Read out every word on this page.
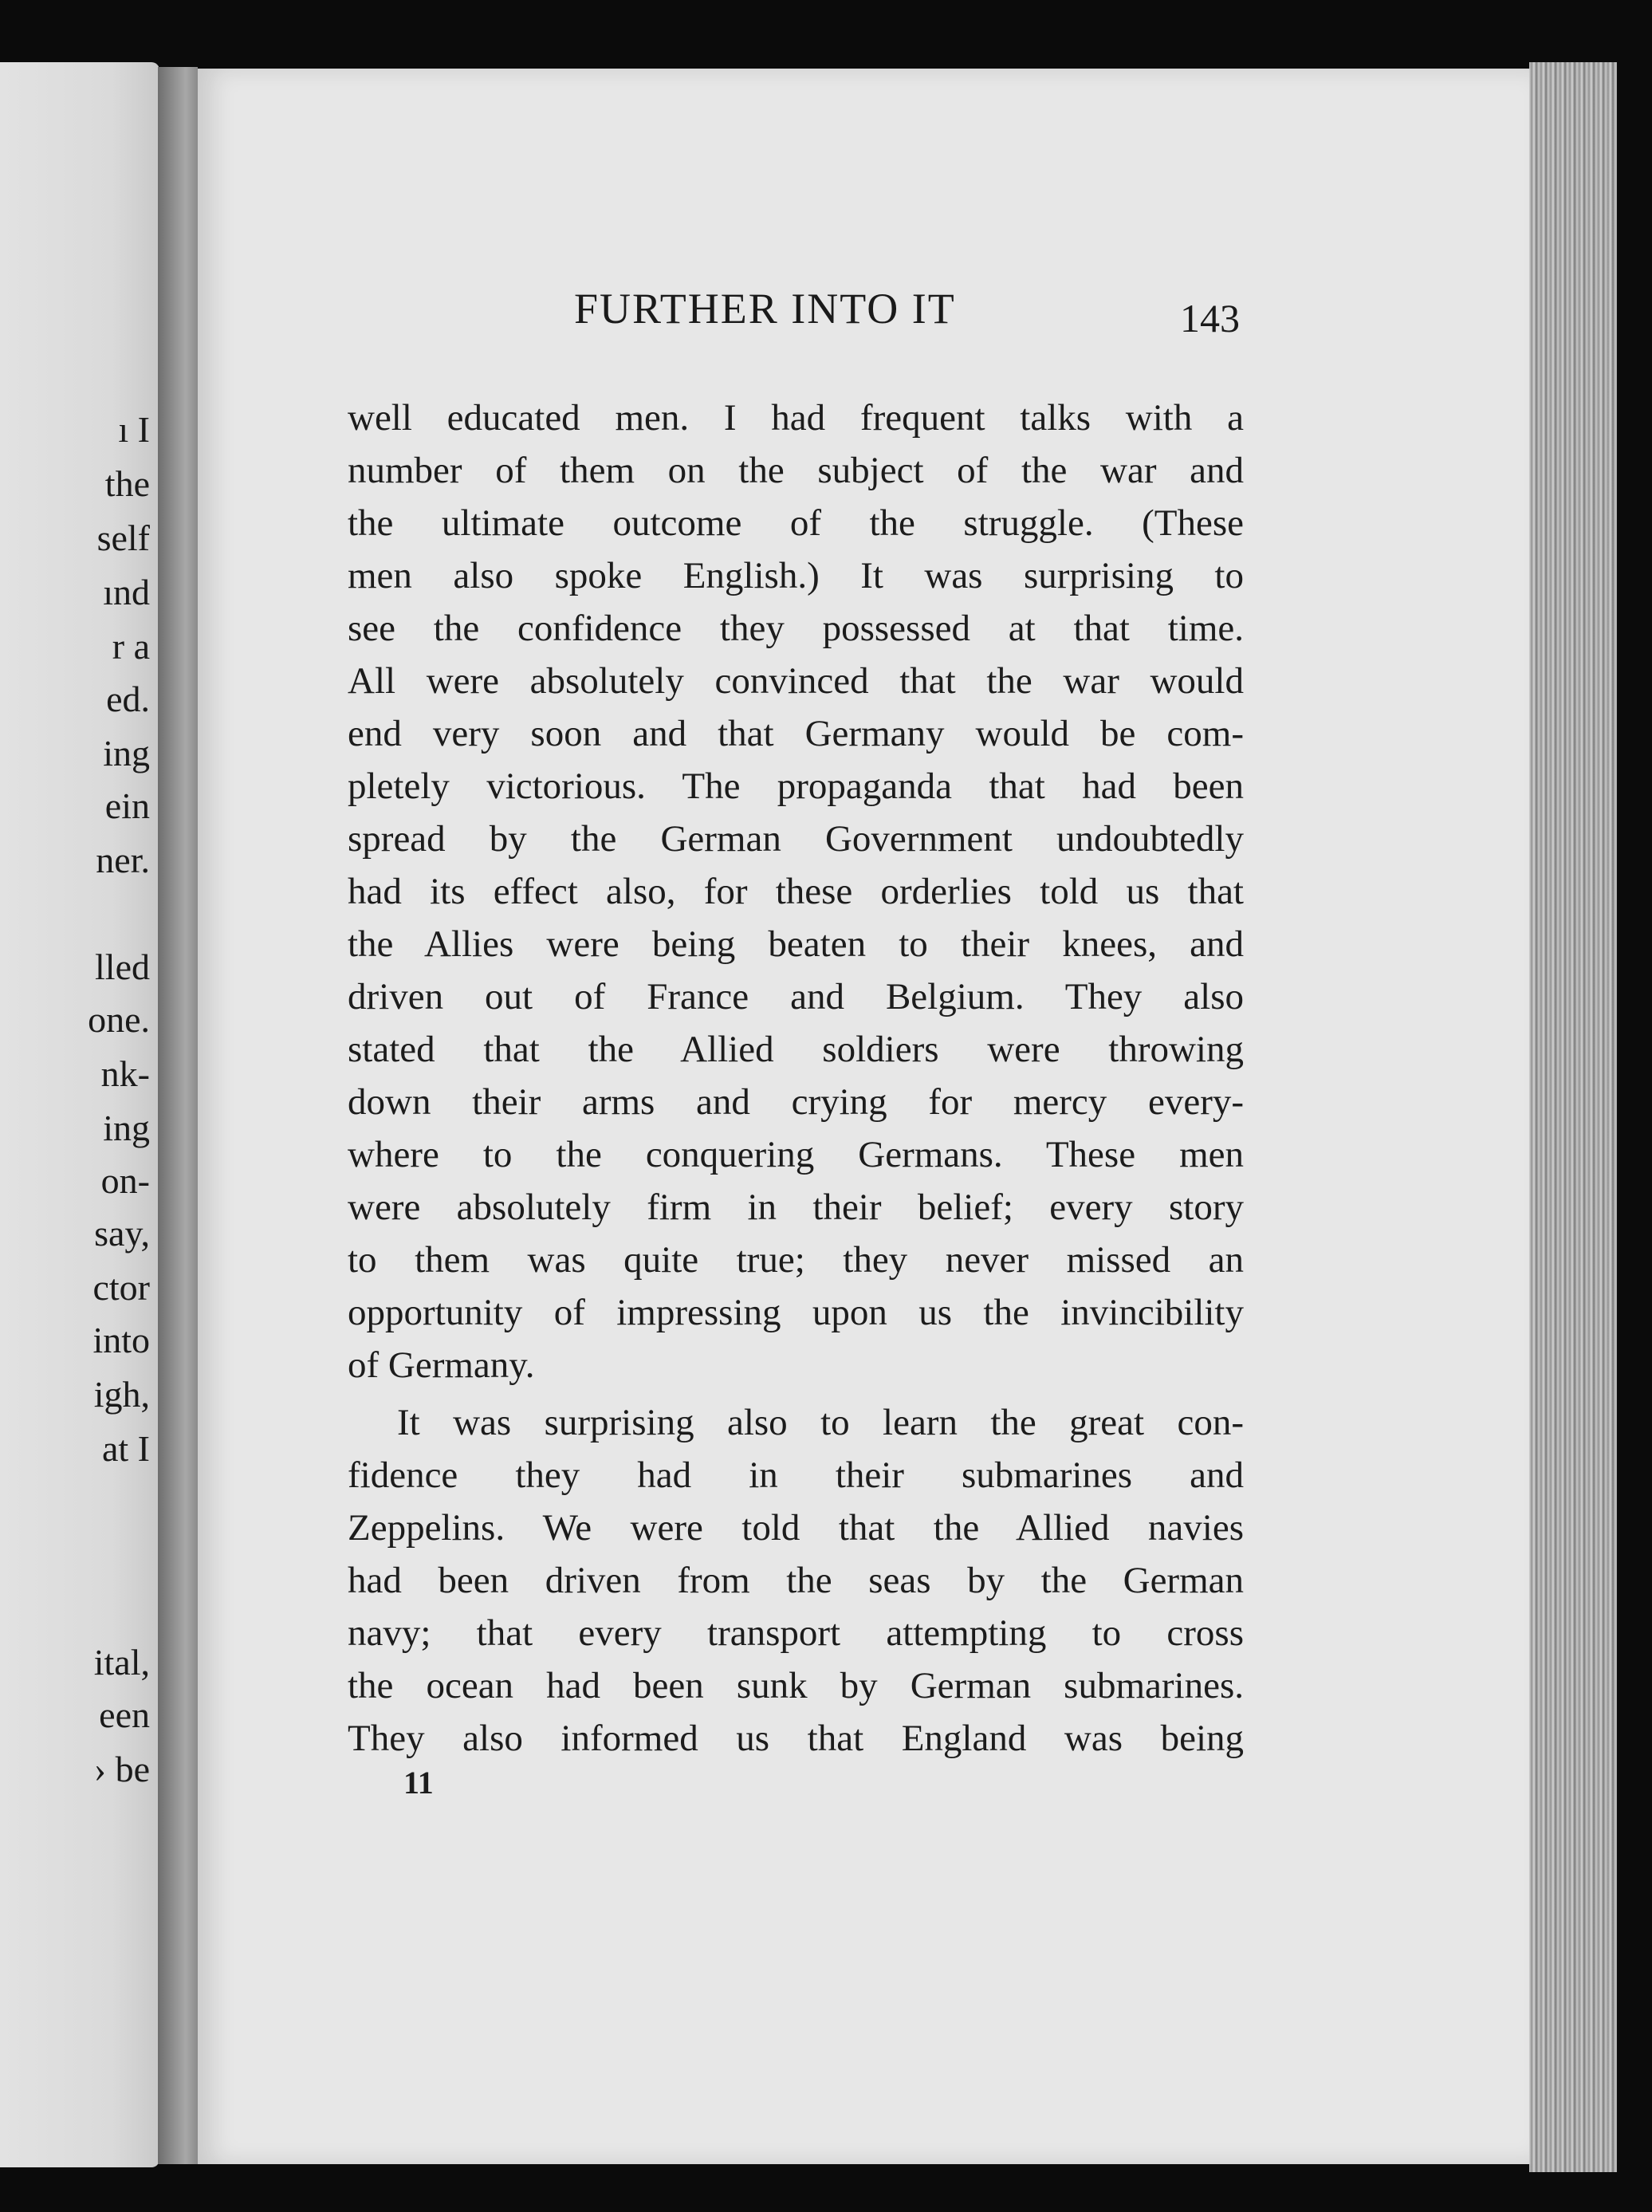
ı I
the
self
ınd
r a
ed.
ing
ein
ner.
lled
one.
nk-
ing
on-
say,
ctor
into
igh,
at I
ital,
een
› be
FURTHER INTO IT	143
well educated men. I had frequent talks with a
number of them on the subject of the war and
the ultimate outcome of the struggle. (These
men also spoke English.) It was surprising to
see the confidence they possessed at that time.
All were absolutely convinced that the war would
end very soon and that Germany would be com-
pletely victorious. The propaganda that had been
spread by the German Government undoubtedly
had its effect also, for these orderlies told us that
the Allies were being beaten to their knees, and
driven out of France and Belgium. They also
stated that the Allied soldiers were throwing
down their arms and crying for mercy every-
where to the conquering Germans. These men
were absolutely firm in their belief; every story
to them was quite true; they never missed an
opportunity of impressing upon us the invincibility
of Germany.
It was surprising also to learn the great con-
fidence they had in their submarines and
Zeppelins. We were told that the Allied navies
had been driven from the seas by the German
navy; that every transport attempting to cross
the ocean had been sunk by German submarines.
They also informed us that England was being
11
